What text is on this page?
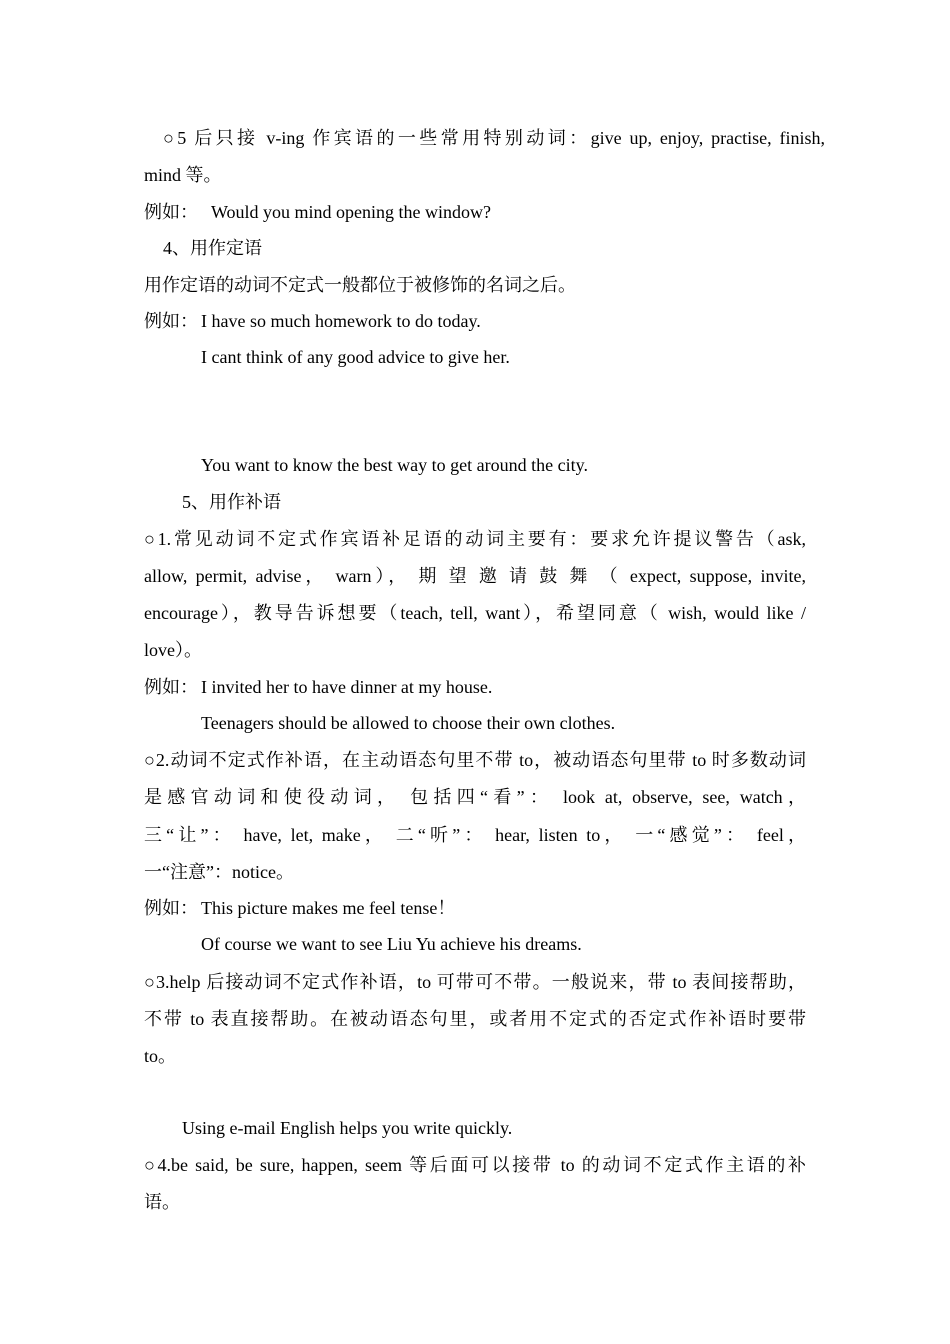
○5 后只接 v-ing 作宾语的一些常用特别动词：give up, enjoy, practise, finish,
mind 等。
例如： Would you mind opening the window?
4、用作定语
用作定语的动词不定式一般都位于被修饰的名词之后。
例如： I have so much homework to do today.
I cant think of any good advice to give her.
You want to know the best way to get around the city.
5、用作补语
○1.常见动词不定式作宾语补足语的动词主要有：要求允许提议警告（ask,
allow, permit, advise， warn）， 期 望 邀 请 鼓 舞 （ expect, suppose, invite,
encourage），教导告诉想要（teach, tell, want），希望同意（ wish, would like /
love）。
例如： I invited her to have dinner at my house.
Teenagers should be allowed to choose their own clothes.
○2.动词不定式作补语，在主动语态句里不带 to，被动语态句里带 to 时多数动词
是感官动词和使役动词， 包括四“看”： look at, observe, see, watch，
三“让”： have, let, make， 二“听”： hear, listen to， 一“感觉”： feel，
一“注意”：notice。
例如： This picture makes me feel tense！
Of course we want to see Liu Yu achieve his dreams.
○3.help 后接动词不定式作补语，to 可带可不带。一般说来，带 to 表间接帮助，
不带 to 表直接帮助。在被动语态句里，或者用不定式的否定式作补语时要带
to。
Using e-mail English helps you write quickly.
○4.be said, be sure, happen, seem 等后面可以接带 to 的动词不定式作主语的补
语。
